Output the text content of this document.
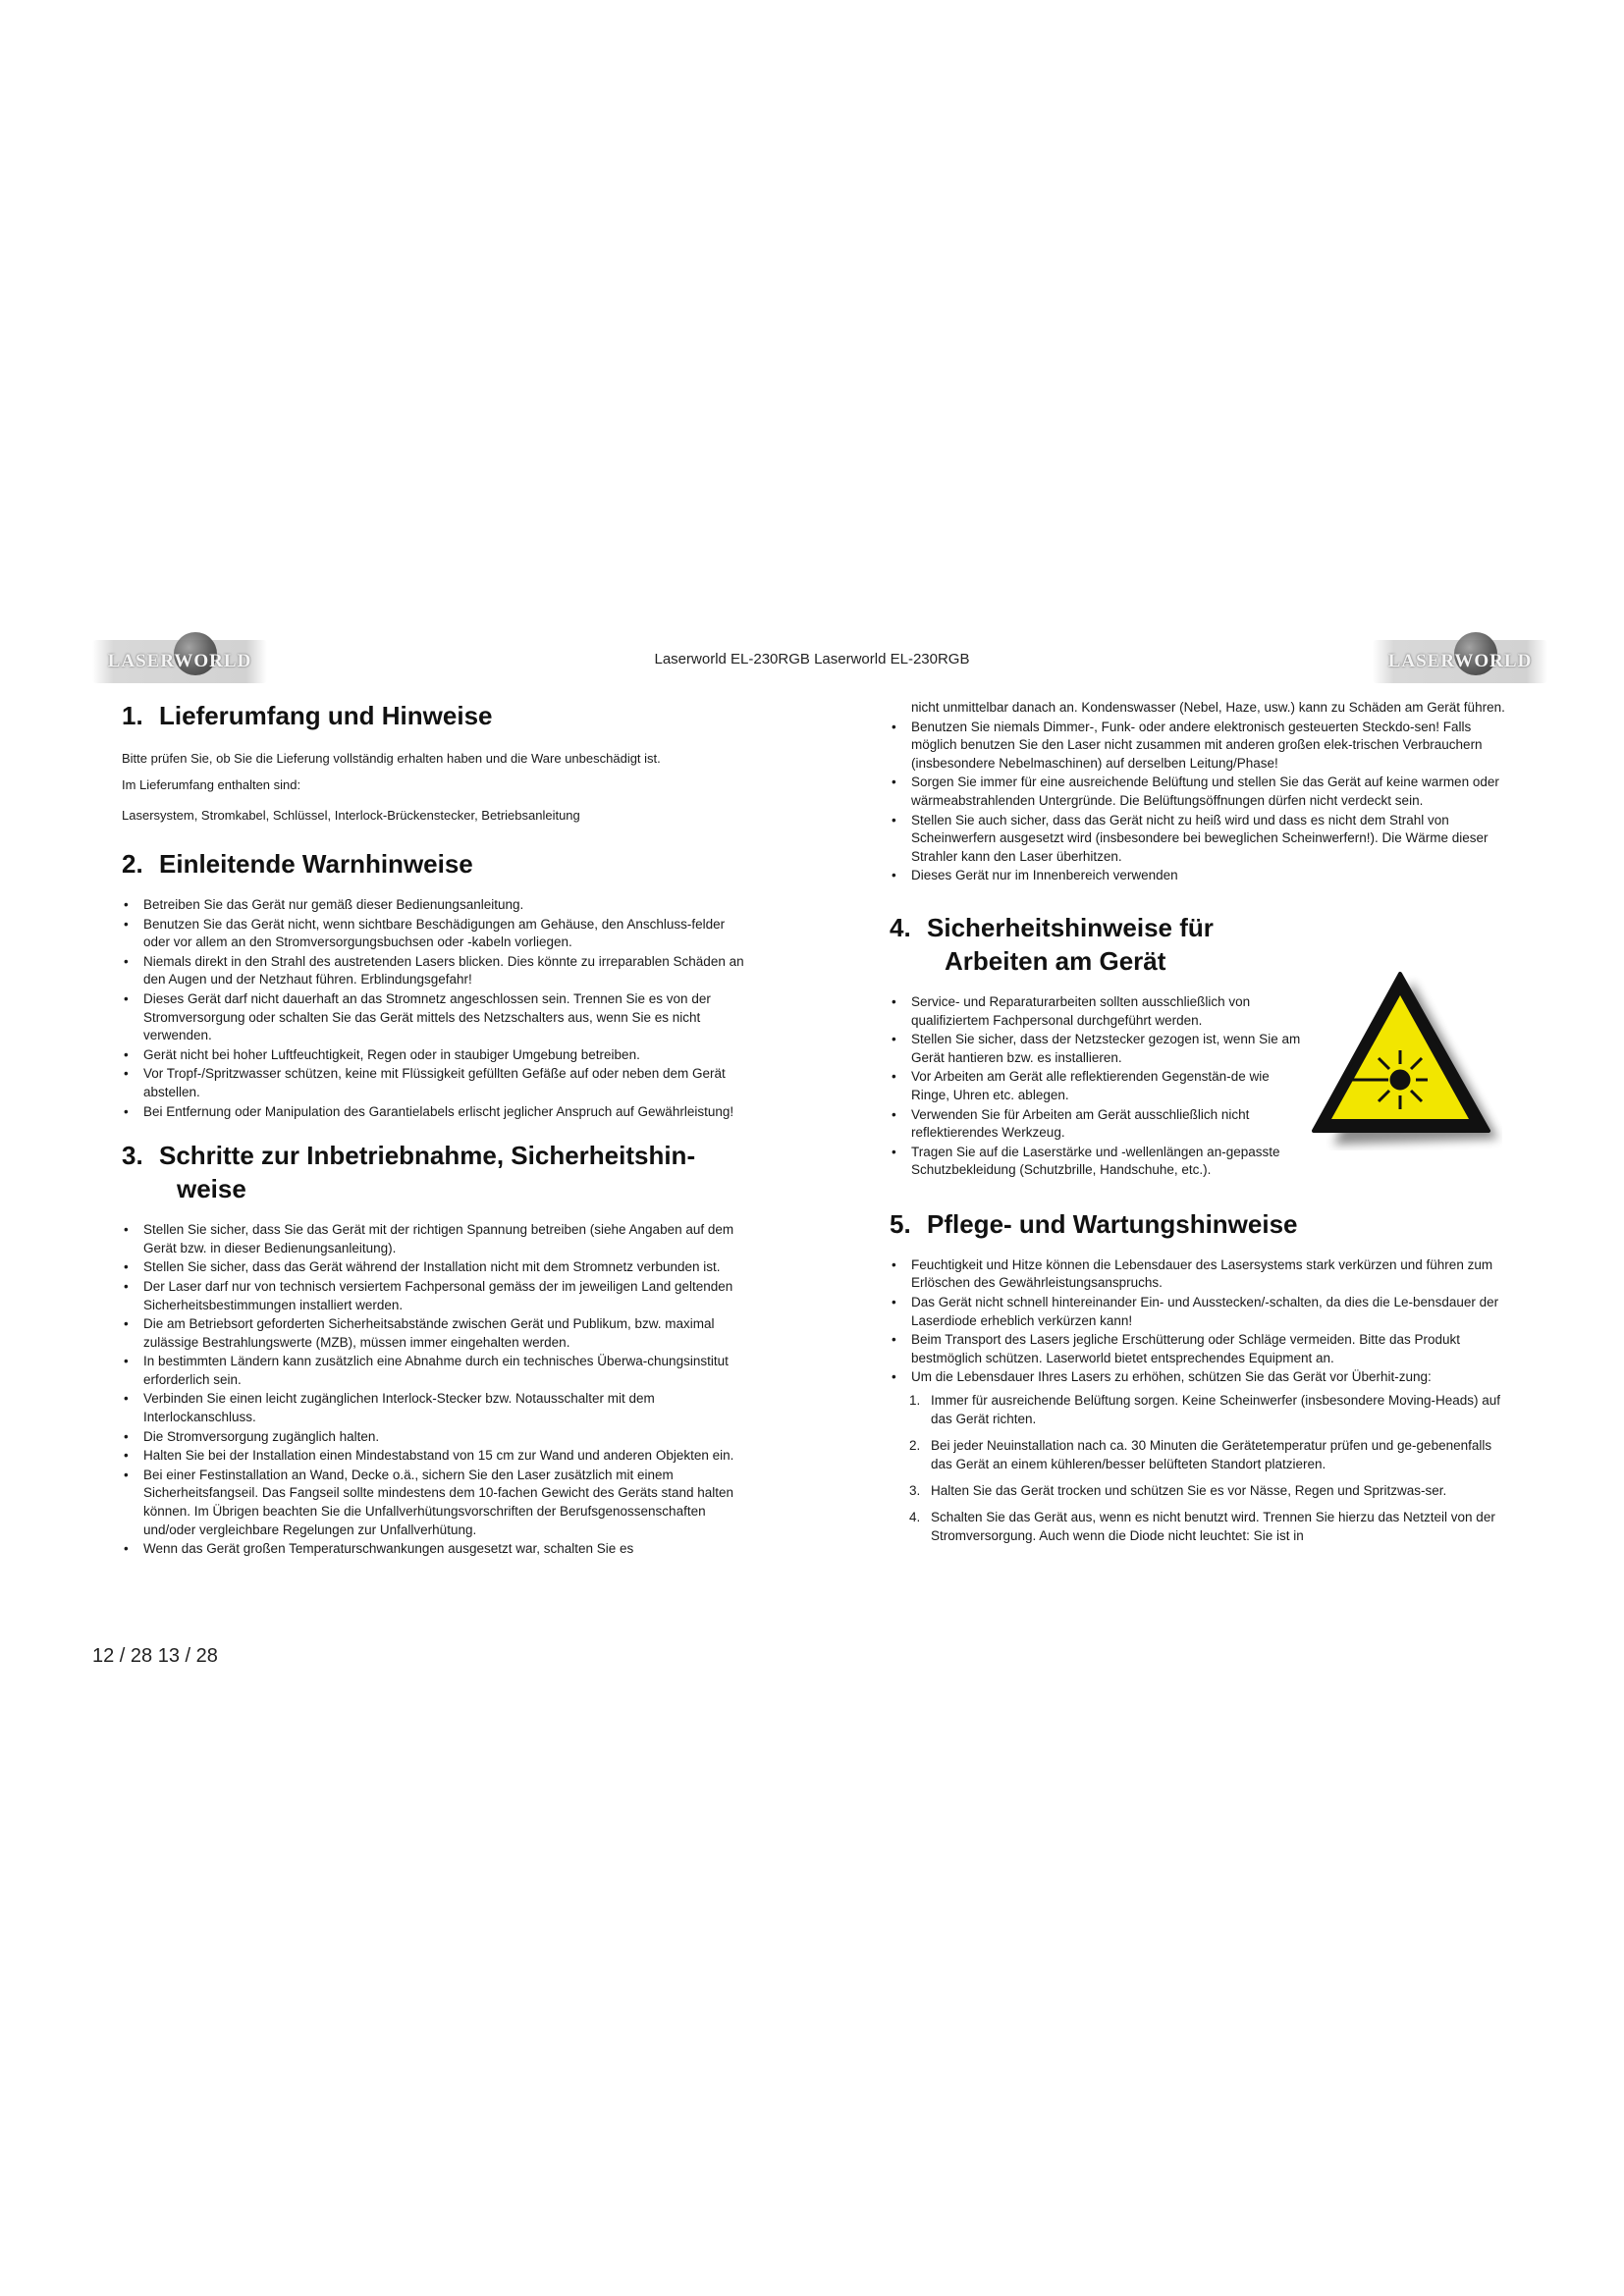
LASERWORLD	Laserworld EL-230RGB Laserworld EL-230RGB	LASERWORLD
1. Lieferumfang und Hinweise

Bitte prüfen Sie, ob Sie die Lieferung vollständig erhalten haben und die Ware unbeschädigt ist.

Im Lieferumfang enthalten sind:

Lasersystem, Stromkabel, Schlüssel, Interlock-Brückenstecker, Betriebsanleitung

2. Einleitende Warnhinweise
• Betreiben Sie das Gerät nur gemäß dieser Bedienungsanleitung.
• Benutzen Sie das Gerät nicht, wenn sichtbare Beschädigungen am Gehäuse, den Anschluss-felder oder vor allem an den Stromversorgungsbuchsen oder -kabeln vorliegen.
• Niemals direkt in den Strahl des austretenden Lasers blicken. Dies könnte zu irreparablen Schäden an den Augen und der Netzhaut führen. Erblindungsgefahr!
• Dieses Gerät darf nicht dauerhaft an das Stromnetz angeschlossen sein. Trennen Sie es von der Stromversorgung oder schalten Sie das Gerät mittels des Netzschalters aus, wenn Sie es nicht verwenden.
• Gerät nicht bei hoher Luftfeuchtigkeit, Regen oder in staubiger Umgebung betreiben.
• Vor Tropf-/Spritzwasser schützen, keine mit Flüssigkeit gefüllten Gefäße auf oder neben dem Gerät abstellen.
• Bei Entfernung oder Manipulation des Garantielabels erlischt jeglicher Anspruch auf Gewährleistung!
3. Schritte zur Inbetriebnahme, Sicherheitshin-
weise
• Stellen Sie sicher, dass Sie das Gerät mit der richtigen Spannung betreiben (siehe Angaben auf dem Gerät bzw. in dieser Bedienungsanleitung).
• Stellen Sie sicher, dass das Gerät während der Installation nicht mit dem Stromnetz verbunden ist.
• Der Laser darf nur von technisch versiertem Fachpersonal gemäss der im jeweiligen Land geltenden Sicherheitsbestimmungen installiert werden.
• Die am Betriebsort geforderten Sicherheitsabstände zwischen Gerät und Publikum, bzw. maximal zulässige Bestrahlungswerte (MZB), müssen immer eingehalten werden.
• In bestimmten Ländern kann zusätzlich eine Abnahme durch ein technisches Überwa-chungsinstitut erforderlich sein.
• Verbinden Sie einen leicht zugänglichen Interlock-Stecker bzw. Notausschalter mit dem Interlockanschluss.
• Die Stromversorgung zugänglich halten.
• Halten Sie bei der Installation einen Mindestabstand von 15 cm zur Wand und anderen Objekten ein.
• Bei einer Festinstallation an Wand, Decke o.ä., sichern Sie den Laser zusätzlich mit einem Sicherheitsfangseil. Das Fangseil sollte mindestens dem 10-fachen Gewicht des Geräts stand halten können. Im Übrigen beachten Sie die Unfallverhütungsvorschriften der Berufsgenossenschaften und/oder vergleichbare Regelungen zur Unfallverhütung.
• Wenn das Gerät großen Temperaturschwankungen ausgesetzt war, schalten Sie es

nicht unmittelbar danach an. Kondenswasser (Nebel, Haze, usw.) kann zu Schäden am Gerät führen.

• Benutzen Sie niemals Dimmer-, Funk- oder andere elektronisch gesteuerten Steckdo-sen! Falls möglich benutzen Sie den Laser nicht zusammen mit anderen großen elek-trischen Verbrauchern (insbesondere Nebelmaschinen) auf derselben Leitung/Phase!
• Sorgen Sie immer für eine ausreichende Belüftung und stellen Sie das Gerät auf keine warmen oder wärmeabstrahlenden Untergründe. Die Belüftungsöffnungen dürfen nicht verdeckt sein.
• Stellen Sie auch sicher, dass das Gerät nicht zu heiß wird und dass es nicht dem Strahl von Scheinwerfern ausgesetzt wird (insbesondere bei beweglichen Scheinwerfern!). Die Wärme dieser Strahler kann den Laser überhitzen.
• Dieses Gerät nur im Innenbereich verwenden
4. Sicherheitshinweise für
Arbeiten am Gerät
• Service- und Reparaturarbeiten sollten ausschließlich von qualifiziertem Fachpersonal durchgeführt werden.
• Stellen Sie sicher, dass der Netzstecker gezogen ist, wenn Sie am Gerät hantieren bzw. es installieren.
• Vor Arbeiten am Gerät alle reflektierenden Gegenstän-de wie Ringe, Uhren etc. ablegen.
• Verwenden Sie für Arbeiten am Gerät ausschließlich nicht reflektierendes Werkzeug.
• Tragen Sie auf die Laserstärke und -wellenlängen an-gepasste Schutzbekleidung (Schutzbrille, Handschuhe, etc.).
5. Pflege- und Wartungshinweise
• Feuchtigkeit und Hitze können die Lebensdauer des Lasersystems stark verkürzen und führen zum Erlöschen des Gewährleistungsanspruchs.
• Das Gerät nicht schnell hintereinander Ein- und Ausstecken/-schalten, da dies die Le-bensdauer der Laserdiode erheblich verkürzen kann!
• Beim Transport des Lasers jegliche Erschütterung oder Schläge vermeiden. Bitte das Produkt bestmöglich schützen. Laserworld bietet entsprechendes Equipment an.
• Um die Lebensdauer Ihres Lasers zu erhöhen, schützen Sie das Gerät vor Überhit-zung:
1. Immer für ausreichende Belüftung sorgen. Keine Scheinwerfer (insbesondere Moving-Heads) auf das Gerät richten.
2. Bei jeder Neuinstallation nach ca. 30 Minuten die Gerätetemperatur prüfen und ge-gebenenfalls das Gerät an einem kühleren/besser belüfteten Standort platzieren.
3. Halten Sie das Gerät trocken und schützen Sie es vor Nässe, Regen und Spritzwas-ser.
4. Schalten Sie das Gerät aus, wenn es nicht benutzt wird. Trennen Sie hierzu das Netzteil von der Stromversorgung. Auch wenn die Diode nicht leuchtet: Sie ist in
12 / 28 13 / 28
